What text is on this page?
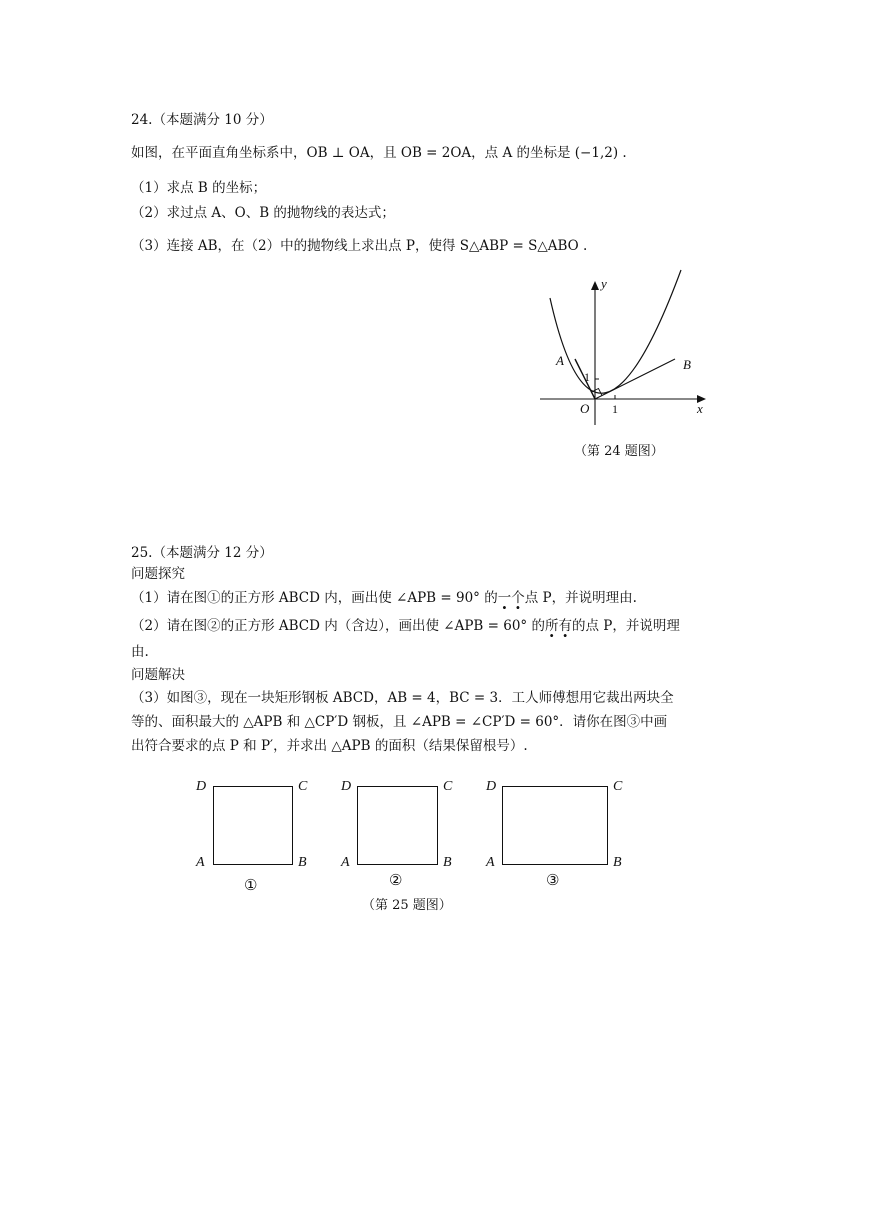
24.（本题满分 10 分）
如图，在平面直角坐标系中，OB ⊥ OA，且 OB = 2OA，点 A 的坐标是 (−1,2) .
（1）求点 B 的坐标；
（2）求过点 A、O、B 的抛物线的表达式；
（3）连接 AB，在（2）中的抛物线上求出点 P，使得 S△ABP = S△ABO .
y
x
A	B
O 1
1
（第 24 题图）
25.（本题满分 12 分）
问题探究
（1）请在图①的正方形 ABCD 内，画出使 ∠APB = 90° 的一个点 P，并说明理由.
（2）请在图②的正方形 ABCD 内（含边），画出使 ∠APB = 60° 的所有的点 P，并说明理
由.
问题解决
（3）如图③，现在一块矩形钢板 ABCD，AB = 4，BC = 3．工人师傅想用它裁出两块全
等的、面积最大的 △APB 和 △CP′D 钢板，且 ∠APB = ∠CP′D = 60°．请你在图③中画
出符合要求的点 P 和 P′，并求出 △APB 的面积（结果保留根号）.
D	C
A	B
①
D	C
A	B
②
D	C
A	B
③
（第 25 题图）
